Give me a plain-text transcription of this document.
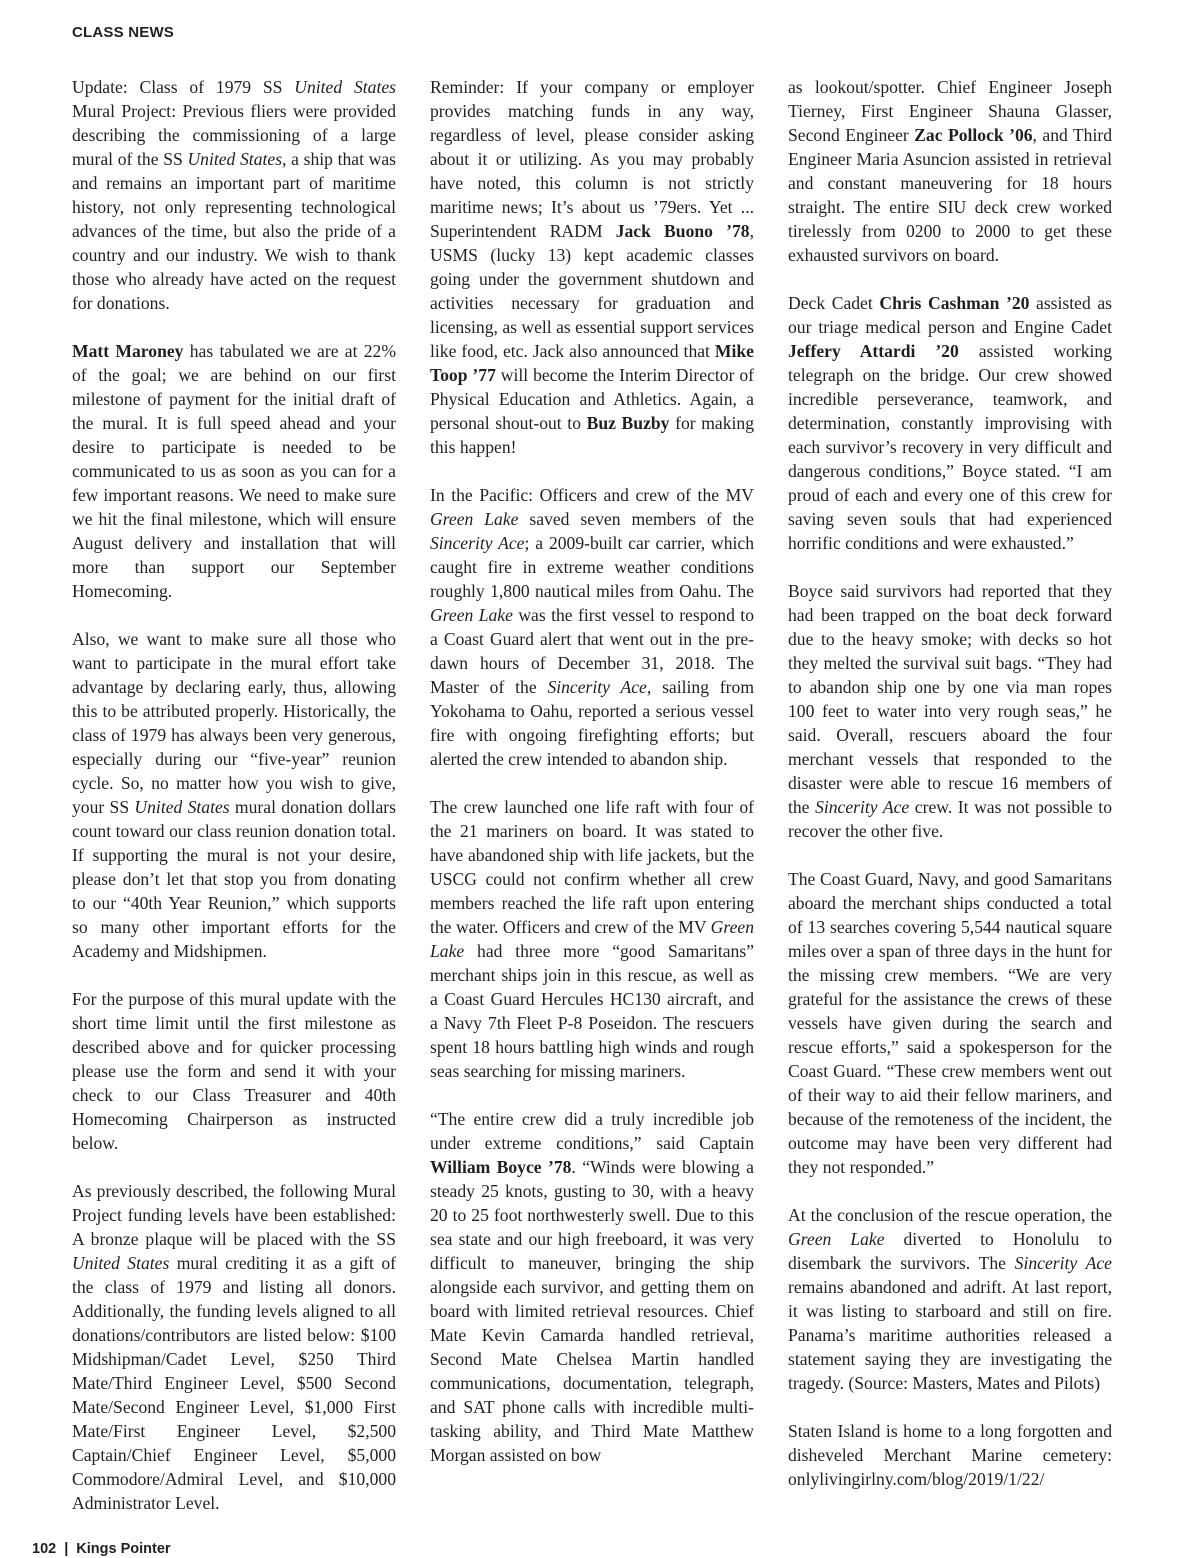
CLASS NEWS

Update: Class of 1979 SS United States Mural Project: Previous fliers were provided describing the commissioning of a large mural of the SS United States, a ship that was and remains an important part of maritime history, not only representing technological advances of the time, but also the pride of a country and our industry. We wish to thank those who already have acted on the request for donations.

Matt Maroney has tabulated we are at 22% of the goal; we are behind on our first milestone of payment for the initial draft of the mural. It is full speed ahead and your desire to participate is needed to be communicated to us as soon as you can for a few important reasons. We need to make sure we hit the final milestone, which will ensure August delivery and installation that will more than support our September Homecoming.

Also, we want to make sure all those who want to participate in the mural effort take advantage by declaring early, thus, allowing this to be attributed properly. Historically, the class of 1979 has always been very generous, especially during our “five-year” reunion cycle. So, no matter how you wish to give, your SS United States mural donation dollars count toward our class reunion donation total. If supporting the mural is not your desire, please don’t let that stop you from donating to our “40th Year Reunion,” which supports so many other important efforts for the Academy and Midshipmen.

For the purpose of this mural update with the short time limit until the first milestone as described above and for quicker processing please use the form and send it with your check to our Class Treasurer and 40th Homecoming Chairperson as instructed below.

As previously described, the following Mural Project funding levels have been established: A bronze plaque will be placed with the SS United States mural crediting it as a gift of the class of 1979 and listing all donors. Additionally, the funding levels aligned to all donations/contributors are listed below: $100 Midshipman/Cadet Level, $250 Third Mate/Third Engineer Level, $500 Second Mate/Second Engineer Level, $1,000 First Mate/First Engineer Level, $2,500 Captain/Chief Engineer Level, $5,000 Commodore/Admiral Level, and $10,000 Administrator Level.

Reminder: If your company or employer provides matching funds in any way, regardless of level, please consider asking about it or utilizing. As you may probably have noted, this column is not strictly maritime news; It’s about us ’79ers. Yet ... Superintendent RADM Jack Buono ’78, USMS (lucky 13) kept academic classes going under the government shutdown and activities necessary for graduation and licensing, as well as essential support services like food, etc. Jack also announced that Mike Toop ’77 will become the Interim Director of Physical Education and Athletics. Again, a personal shout-out to Buz Buzby for making this happen!

In the Pacific: Officers and crew of the MV Green Lake saved seven members of the Sincerity Ace; a 2009-built car carrier, which caught fire in extreme weather conditions roughly 1,800 nautical miles from Oahu. The Green Lake was the first vessel to respond to a Coast Guard alert that went out in the pre-dawn hours of December 31, 2018. The Master of the Sincerity Ace, sailing from Yokohama to Oahu, reported a serious vessel fire with ongoing firefighting efforts; but alerted the crew intended to abandon ship.

The crew launched one life raft with four of the 21 mariners on board. It was stated to have abandoned ship with life jackets, but the USCG could not confirm whether all crew members reached the life raft upon entering the water. Officers and crew of the MV Green Lake had three more “good Samaritans” merchant ships join in this rescue, as well as a Coast Guard Hercules HC130 aircraft, and a Navy 7th Fleet P-8 Poseidon. The rescuers spent 18 hours battling high winds and rough seas searching for missing mariners.

“The entire crew did a truly incredible job under extreme conditions,” said Captain William Boyce ’78. “Winds were blowing a steady 25 knots, gusting to 30, with a heavy 20 to 25 foot northwesterly swell. Due to this sea state and our high freeboard, it was very difficult to maneuver, bringing the ship alongside each survivor, and getting them on board with limited retrieval resources. Chief Mate Kevin Camarda handled retrieval, Second Mate Chelsea Martin handled communications, documentation, telegraph, and SAT phone calls with incredible multi-tasking ability, and Third Mate Matthew Morgan assisted on bow

as lookout/spotter. Chief Engineer Joseph Tierney, First Engineer Shauna Glasser, Second Engineer Zac Pollock ’06, and Third Engineer Maria Asuncion assisted in retrieval and constant maneuvering for 18 hours straight. The entire SIU deck crew worked tirelessly from 0200 to 2000 to get these exhausted survivors on board.

Deck Cadet Chris Cashman ’20 assisted as our triage medical person and Engine Cadet Jeffery Attardi ’20 assisted working telegraph on the bridge. Our crew showed incredible perseverance, teamwork, and determination, constantly improvising with each survivor’s recovery in very difficult and dangerous conditions,” Boyce stated. “I am proud of each and every one of this crew for saving seven souls that had experienced horrific conditions and were exhausted.”

Boyce said survivors had reported that they had been trapped on the boat deck forward due to the heavy smoke; with decks so hot they melted the survival suit bags. “They had to abandon ship one by one via man ropes 100 feet to water into very rough seas,” he said. Overall, rescuers aboard the four merchant vessels that responded to the disaster were able to rescue 16 members of the Sincerity Ace crew. It was not possible to recover the other five.

The Coast Guard, Navy, and good Samaritans aboard the merchant ships conducted a total of 13 searches covering 5,544 nautical square miles over a span of three days in the hunt for the missing crew members. “We are very grateful for the assistance the crews of these vessels have given during the search and rescue efforts,” said a spokesperson for the Coast Guard. “These crew members went out of their way to aid their fellow mariners, and because of the remoteness of the incident, the outcome may have been very different had they not responded.”

At the conclusion of the rescue operation, the Green Lake diverted to Honolulu to disembark the survivors. The Sincerity Ace remains abandoned and adrift. At last report, it was listing to starboard and still on fire. Panama’s maritime authorities released a statement saying they are investigating the tragedy. (Source: Masters, Mates and Pilots)

Staten Island is home to a long forgotten and disheveled Merchant Marine cemetery: onlylivingirlny.com/blog/2019/1/22/

102 | Kings Pointer
